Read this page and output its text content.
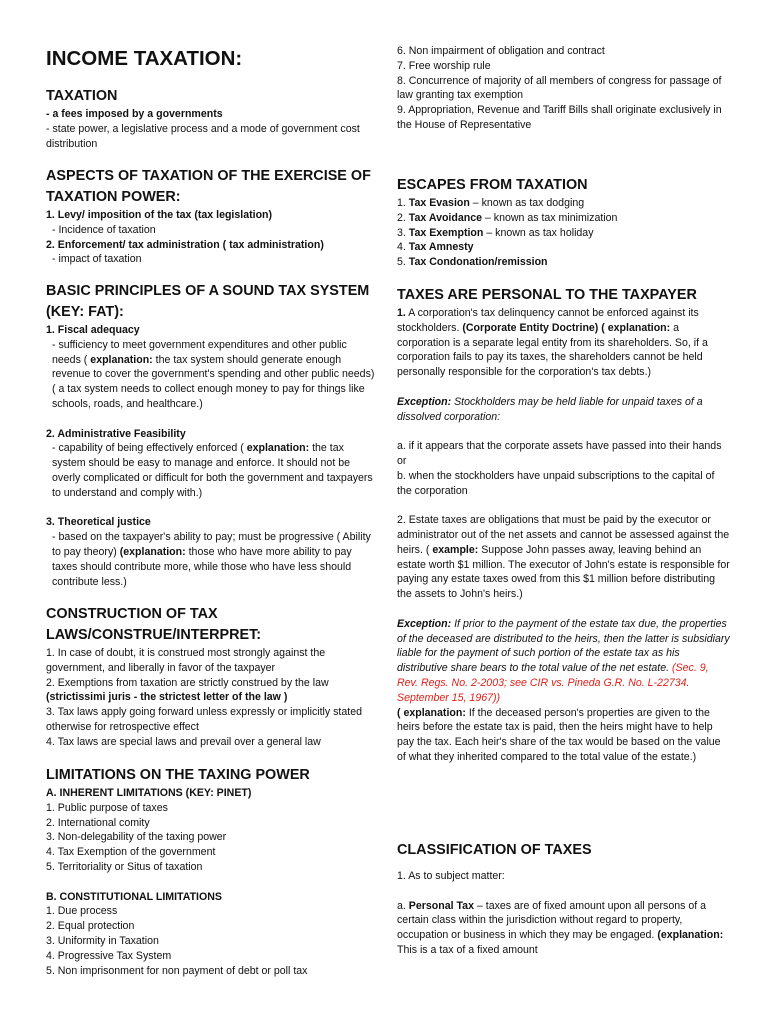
INCOME TAXATION:
TAXATION

- a fees imposed by a governments

- state power, a legislative process and a mode of government cost distribution

ASPECTS OF TAXATION OF THE EXERCISE OF TAXATION POWER:

1. Levy/ imposition of the tax (tax legislation)

- Incidence of taxation

2. Enforcement/ tax administration ( tax administration)

- impact of taxation

BASIC PRINCIPLES OF A SOUND TAX SYSTEM (KEY: FAT):

1. Fiscal adequacy

- sufficiency to meet government expenditures and other public needs ( explanation: the tax system should generate enough revenue to cover the government's spending and other public needs) ( a tax system needs to collect enough money to pay for things like schools, roads, and healthcare.)

2. Administrative Feasibility

- capability of being effectively enforced ( explanation: the tax system should be easy to manage and enforce. It should not be overly complicated or difficult for both the government and taxpayers to understand and comply with.)

3. Theoretical justice

- based on the taxpayer's ability to pay; must be progressive ( Ability to pay theory) (explanation: those who have more ability to pay taxes should contribute more, while those who have less should contribute less.)

CONSTRUCTION OF TAX LAWS/CONSTRUE/INTERPRET:

1. In case of doubt, it is construed most strongly against the government, and liberally in favor of the taxpayer

2. Exemptions from taxation are strictly construed by the law (strictissimi juris - the strictest letter of the law )

3. Tax laws apply going forward unless expressly or implicitly stated otherwise for retrospective effect

4. Tax laws are special laws and prevail over a general law

LIMITATIONS ON THE TAXING POWER

A. INHERENT LIMITATIONS (KEY: PINET)

1. Public purpose of taxes

2. International comity

3. Non-delegability of the taxing power

4. Tax Exemption of the government

5. Territoriality or Situs of taxation

B. CONSTITUTIONAL LIMITATIONS

1. Due process

2. Equal protection

3. Uniformity in Taxation

4. Progressive Tax System

5. Non imprisonment for non payment of debt or poll tax

6. Non impairment of obligation and contract

7. Free worship rule

8. Concurrence of majority of all members of congress for passage of law granting tax exemption

9. Appropriation, Revenue and Tariff Bills shall originate exclusively in the House of Representative

ESCAPES FROM TAXATION

1. Tax Evasion – known as tax dodging

2. Tax Avoidance – known as tax minimization

3. Tax Exemption – known as tax holiday

4. Tax Amnesty

5. Tax Condonation/remission

TAXES ARE PERSONAL TO THE TAXPAYER

1. A corporation's tax delinquency cannot be enforced against its stockholders. (Corporate Entity Doctrine) ( explanation: a corporation is a separate legal entity from its shareholders. So, if a corporation fails to pay its taxes, the shareholders cannot be held personally responsible for the corporation's tax debts.)

Exception: Stockholders may be held liable for unpaid taxes of a dissolved corporation:

a. if it appears that the corporate assets have passed into their hands or

b. when the stockholders have unpaid subscriptions to the capital of the corporation

2. Estate taxes are obligations that must be paid by the executor or administrator out of the net assets and cannot be assessed against the heirs. ( example: Suppose John passes away, leaving behind an estate worth $1 million. The executor of John's estate is responsible for paying any estate taxes owed from this $1 million before distributing the assets to John's heirs.)

Exception: If prior to the payment of the estate tax due, the properties of the deceased are distributed to the heirs, then the latter is subsidiary liable for the payment of such portion of the estate tax as his distributive share bears to the total value of the net estate. (Sec. 9, Rev. Regs. No. 2-2003; see CIR vs. Pineda G.R. No. L-22734. September 15, 1967))

( explanation: If the deceased person's properties are given to the heirs before the estate tax is paid, then the heirs might have to help pay the tax. Each heir's share of the tax would be based on the value of what they inherited compared to the total value of the estate.)

CLASSIFICATION OF TAXES

1. As to subject matter:

a. Personal Tax – taxes are of fixed amount upon all persons of a certain class within the jurisdiction without regard to property, occupation or business in which they may be engaged. (explanation: This is a tax of a fixed amount
